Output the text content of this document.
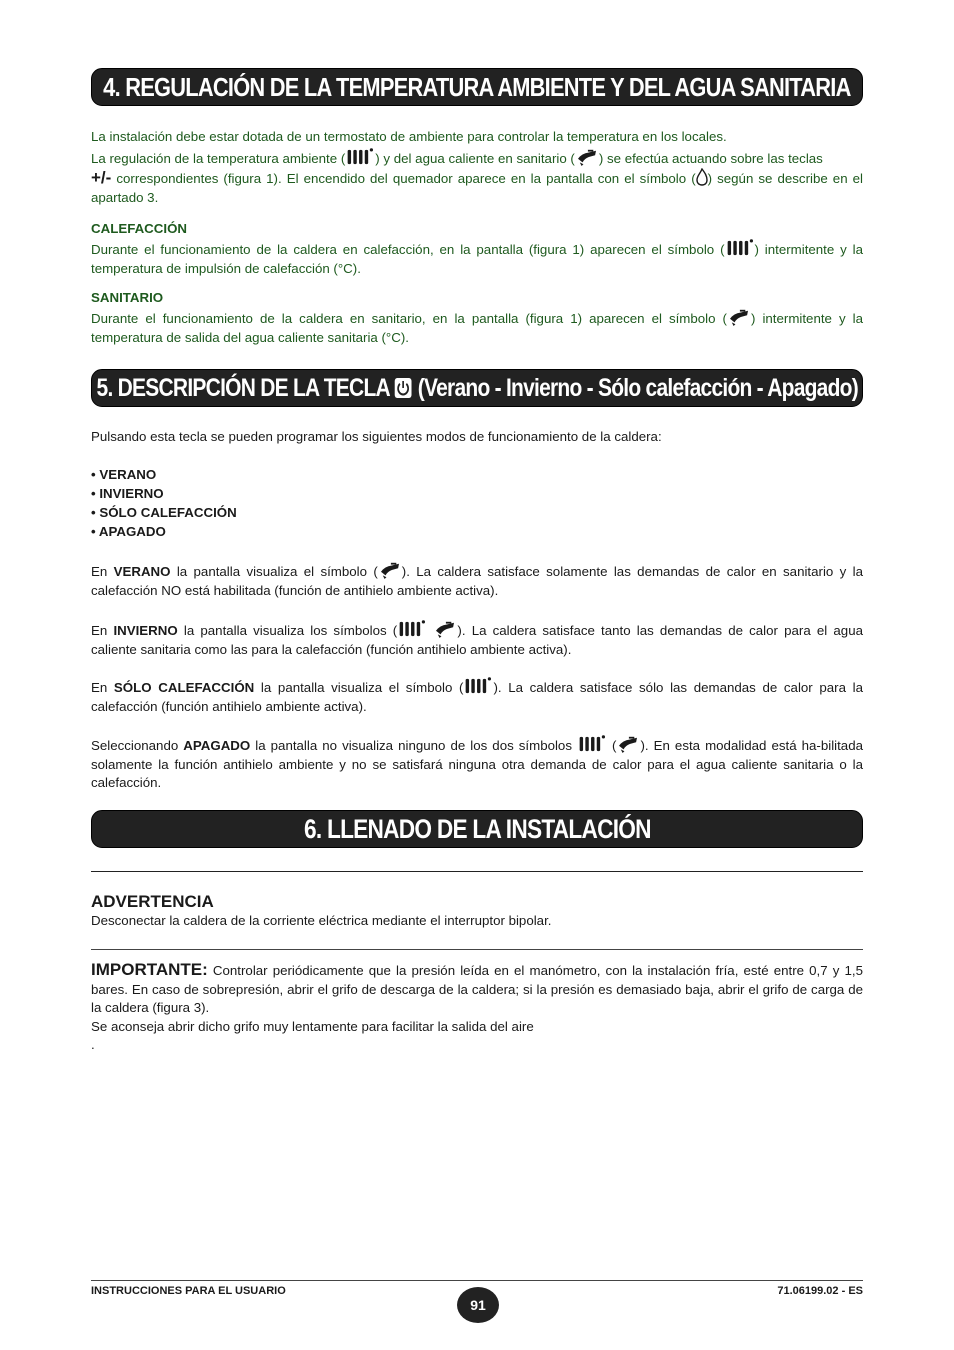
4. REGULACIÓN DE LA TEMPERATURA AMBIENTE Y DEL AGUA SANITARIA

La instalación debe estar dotada de un termostato de ambiente para controlar la temperatura en los locales.
La regulación de la temperatura ambiente ( ) y del agua caliente en sanitario ( ) se efectúa actuando sobre las teclas
+/- correspondientes (figura 1). El encendido del quemador aparece en la pantalla con el símbolo ( ) según se describe en el apartado 3.

CALEFACCIÓN

Durante el funcionamiento de la caldera en calefacción, en la pantalla (figura 1) aparecen el símbolo ( ) intermitente y la temperatura de impulsión de calefacción (°C).

SANITARIO

Durante el funcionamiento de la caldera en sanitario, en la pantalla (figura 1) aparecen el símbolo ( ) intermitente y la temperatura de salida del agua caliente sanitaria (°C).

5. DESCRIPCIÓN DE LA TECLA (Verano - Invierno - Sólo calefacción - Apagado)

Pulsando esta tecla se pueden programar los siguientes modos de funcionamiento de la caldera:

• VERANO
• INVIERNO
• SÓLO CALEFACCIÓN
• APAGADO

En VERANO la pantalla visualiza el símbolo ( ). La caldera satisface solamente las demandas de calor en sanitario y la calefacción NO está habilitada (función de antihielo ambiente activa).

En INVIERNO la pantalla visualiza los símbolos (	). La caldera satisface tanto las demandas de calor para el agua caliente sanitaria como las para la calefacción (función antihielo ambiente activa).

En SÓLO CALEFACCIÓN la pantalla visualiza el símbolo ( ). La caldera satisface sólo las demandas de calor para la calefacción (función antihielo ambiente activa).

Seleccionando APAGADO la pantalla no visualiza ninguno de los dos símbolos  ( ). En esta modalidad está ha-bilitada solamente la función antihielo ambiente y no se satisfará ninguna otra demanda de calor para el agua caliente sanitaria o la calefacción.

6. LLENADO DE LA INSTALACIÓN

ADVERTENCIA

Desconectar la caldera de la corriente eléctrica mediante el interruptor bipolar.

IMPORTANTE: Controlar periódicamente que la presión leída en el manómetro, con la instalación fría, esté entre 0,7 y 1,5 bares. En caso de sobrepresión, abrir el grifo de descarga de la caldera; si la presión es demasiado baja, abrir el grifo de carga de la caldera (figura 3).
Se aconseja abrir dicho grifo muy lentamente para facilitar la salida del aire
.

INSTRUCCIONES PARA EL USUARIO
91
71.06199.02 - ES
